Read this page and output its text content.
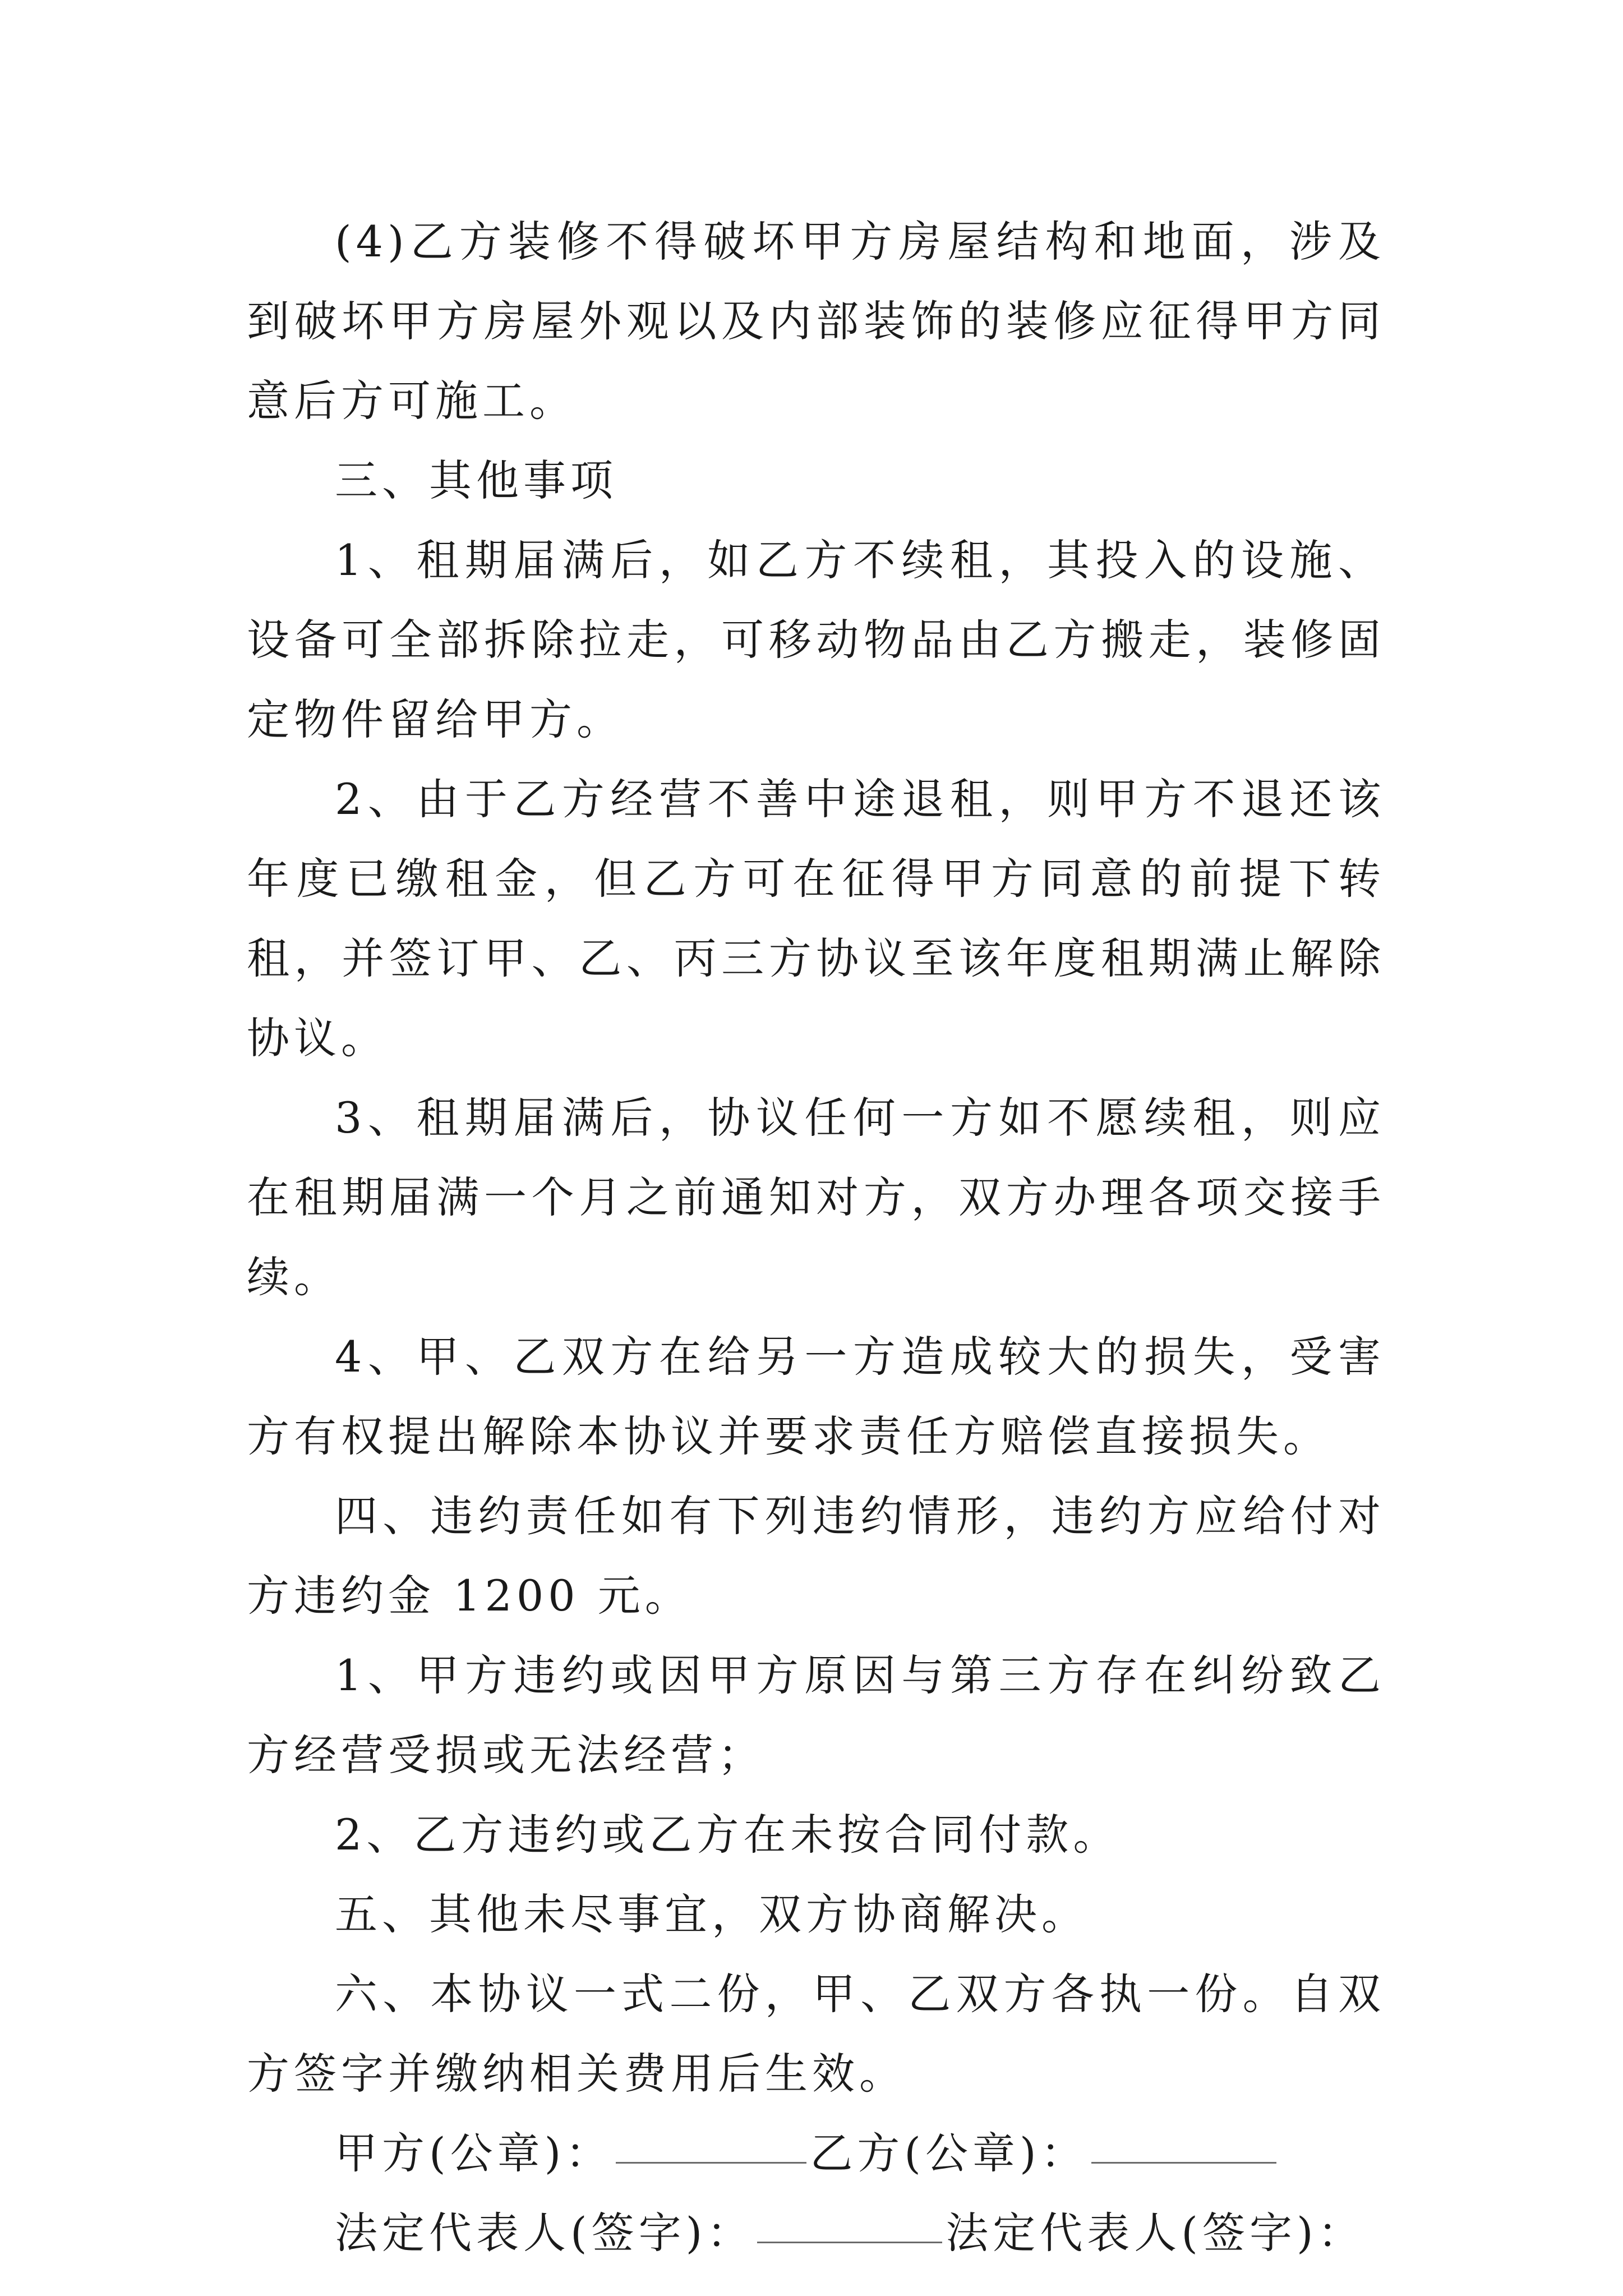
(4)乙方装修不得破坏甲方房屋结构和地面，涉及到破坏甲方房屋外观以及内部装饰的装修应征得甲方同意后方可施工。

三、其他事项

1、租期届满后，如乙方不续租，其投入的设施、设备可全部拆除拉走，可移动物品由乙方搬走，装修固定物件留给甲方。

2、由于乙方经营不善中途退租，则甲方不退还该年度已缴租金，但乙方可在征得甲方同意的前提下转租，并签订甲、乙、丙三方协议至该年度租期满止解除协议。

3、租期届满后，协议任何一方如不愿续租，则应在租期届满一个月之前通知对方，双方办理各项交接手续。

4、甲、乙双方在给另一方造成较大的损失，受害方有权提出解除本协议并要求责任方赔偿直接损失。

四、违约责任如有下列违约情形，违约方应给付对方违约金 1200 元。

1、甲方违约或因甲方原因与第三方存在纠纷致乙方经营受损或无法经营；

2、乙方违约或乙方在未按合同付款。

五、其他未尽事宜，双方协商解决。

六、本协议一式二份，甲、乙双方各执一份。自双方签字并缴纳相关费用后生效。

甲方(公章)：	乙方(公章)：

法定代表人(签字)：	法定代表人(签字)：
